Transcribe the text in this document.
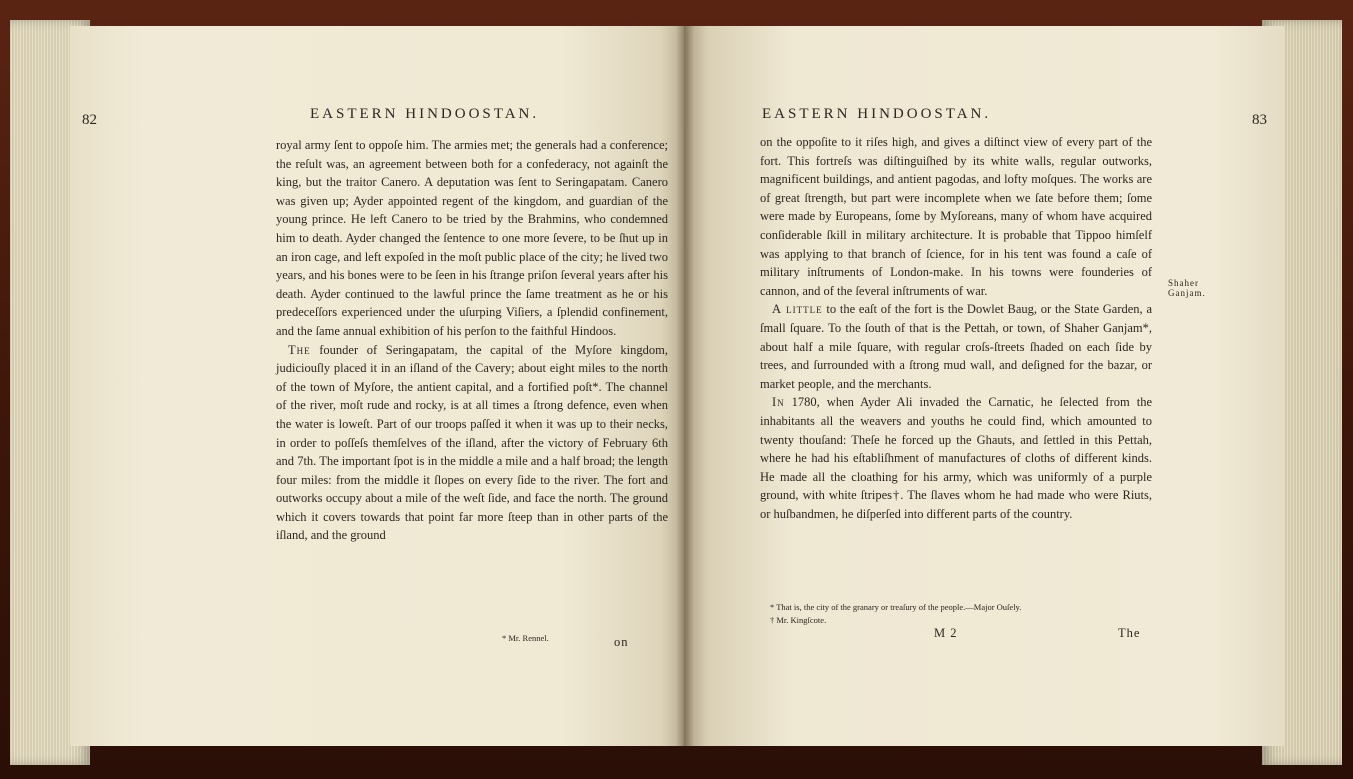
82	EASTERN HINDOOSTAN.

royal army ſent to oppoſe him. The armies met; the generals had a conference; the reſult was, an agreement between both for a confederacy, not againſt the king, but the traitor Canero. A deputation was ſent to Seringapatam. Canero was given up; Ayder appointed regent of the kingdom, and guardian of the young prince. He left Canero to be tried by the Brahmins, who condemned him to death. Ayder changed the ſentence to one more ſevere, to be ſhut up in an iron cage, and left expoſed in the moſt public place of the city; he lived two years, and his bones were to be ſeen in his ſtrange priſon ſeveral years after his death. Ayder continued to the lawful prince the ſame treatment as he or his predeceſſors experienced under the uſurping Viſiers, a ſplendid confinement, and the ſame annual exhibition of his perſon to the faithful Hindoos.

The founder of Seringapatam, the capital of the Myſore kingdom, judiciouſly placed it in an iſland of the Cavery; about eight miles to the north of the town of Myſore, the antient capital, and a fortified poſt*. The channel of the river, moſt rude and rocky, is at all times a ſtrong defence, even when the water is loweſt. Part of our troops paſſed it when it was up to their necks, in order to poſſeſs themſelves of the iſland, after the victory of February 6th and 7th. The important ſpot is in the middle a mile and a half broad; the length four miles: from the middle it ſlopes on every ſide to the river. The fort and outworks occupy about a mile of the weſt ſide, and face the north. The ground which it covers towards that point far more ſteep than in other parts of the iſland, and the ground

* Mr. Rennel.	on
EASTERN HINDOOSTAN.	83

on the oppoſite to it riſes high, and gives a diſtinct view of every part of the fort. This fortreſs was diſtinguiſhed by its white walls, regular outworks, magnificent buildings, and antient pagodas, and lofty moſques. The works are of great ſtrength, but part were incomplete when we ſate before them; ſome were made by Europeans, ſome by Myſoreans, many of whom have acquired conſiderable ſkill in military architecture. It is probable that Tippoo himſelf was applying to that branch of ſcience, for in his tent was found a caſe of military inſtruments of London-make. In his towns were founderies of cannon, and of the ſeveral inſtruments of war.

A little to the eaſt of the fort is the Dowlet Baug, or the State Garden, a ſmall ſquare. To the ſouth of that is the Pettah, or town, of Shaher Ganjam*, about half a mile ſquare, with regular croſs-ſtreets ſhaded on each ſide by trees, and ſurrounded with a ſtrong mud wall, and deſigned for the bazar, or market people, and the merchants.

In 1780, when Ayder Ali invaded the Carnatic, he ſelected from the inhabitants all the weavers and youths he could find, which amounted to twenty thouſand: Theſe he forced up the Ghauts, and ſettled in this Pettah, where he had his eſtabliſhment of manufactures of cloths of different kinds. He made all the cloathing for his army, which was uniformly of a purple ground, with white ſtripes†. The ſlaves whom he had made who were Riuts, or huſbandmen, he diſperſed into different parts of the country.

Shaher Ganjam.
* That is, the city of the granary or treaſury of the people.—Major Ouſely.
† Mr. Kingſcote.
M 2	The
